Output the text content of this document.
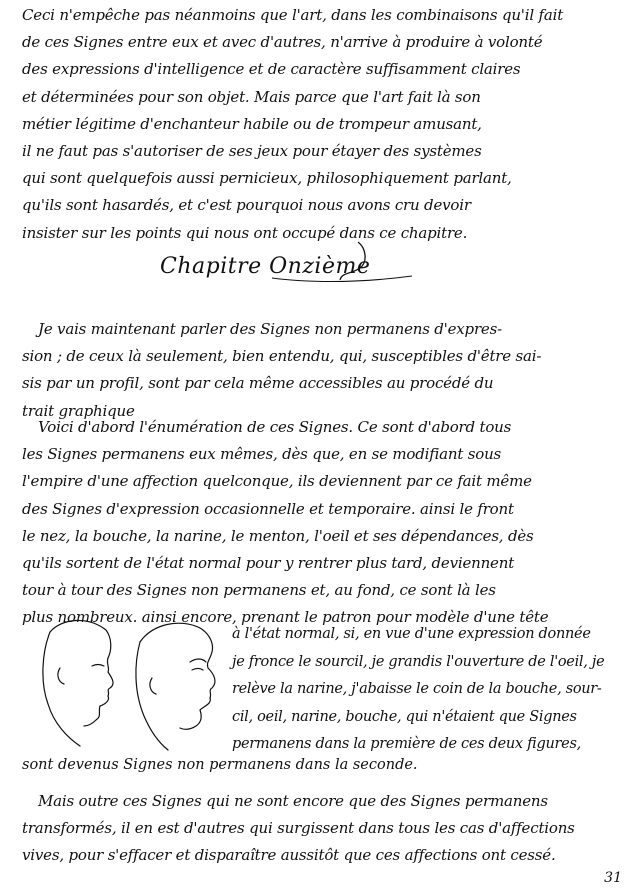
Ceci n'empêche pas néanmoins que l'art, dans les combinaisons qu'il fait
de ces Signes entre eux et avec d'autres, n'arrive à produire à volonté
des expressions d'intelligence et de caractère suffisamment claires
et déterminées pour son objet. Mais parce que l'art fait là son
métier légitime d'enchanteur habile ou de trompeur amusant,
il ne faut pas s'autoriser de ses jeux pour étayer des systèmes
qui sont quelquefois aussi pernicieux, philosophiquement parlant,
qu'ils sont hasardés, et c'est pourquoi nous avons cru devoir
insister sur les points qui nous ont occupé dans ce chapitre.
Chapitre Onzième
Je vais maintenant parler des Signes non permanens d'expres-
sion ; de ceux là seulement, bien entendu, qui, susceptibles d'être sai-
sis par un profil, sont par cela même accessibles au procédé du
trait graphique
Voici d'abord l'énumération de ces Signes. Ce sont d'abord tous
les Signes permanens eux mêmes, dès que, en se modifiant sous
l'empire d'une affection quelconque, ils deviennent par ce fait même
des Signes d'expression occasionnelle et temporaire. ainsi le front
le nez, la bouche, la narine, le menton, l'oeil et ses dépendances, dès
qu'ils sortent de l'état normal pour y rentrer plus tard, deviennent
tour à tour des Signes non permanens et, au fond, ce sont là les
plus nombreux. ainsi encore, prenant le patron pour modèle d'une tête
à l'état normal, si, en vue d'une expression donnée
je fronce le sourcil, je grandis l'ouverture de l'oeil, je
relève la narine, j'abaisse le coin de la bouche, sour-
cil, oeil, narine, bouche, qui n'étaient que Signes
permanens dans la première de ces deux figures,
sont devenus Signes non permanens dans la seconde.
Mais outre ces Signes qui ne sont encore que des Signes permanens
transformés, il en est d'autres qui surgissent dans tous les cas d'affections
vives, pour s'effacer et disparaître aussitôt que ces affections ont cessé.
31
